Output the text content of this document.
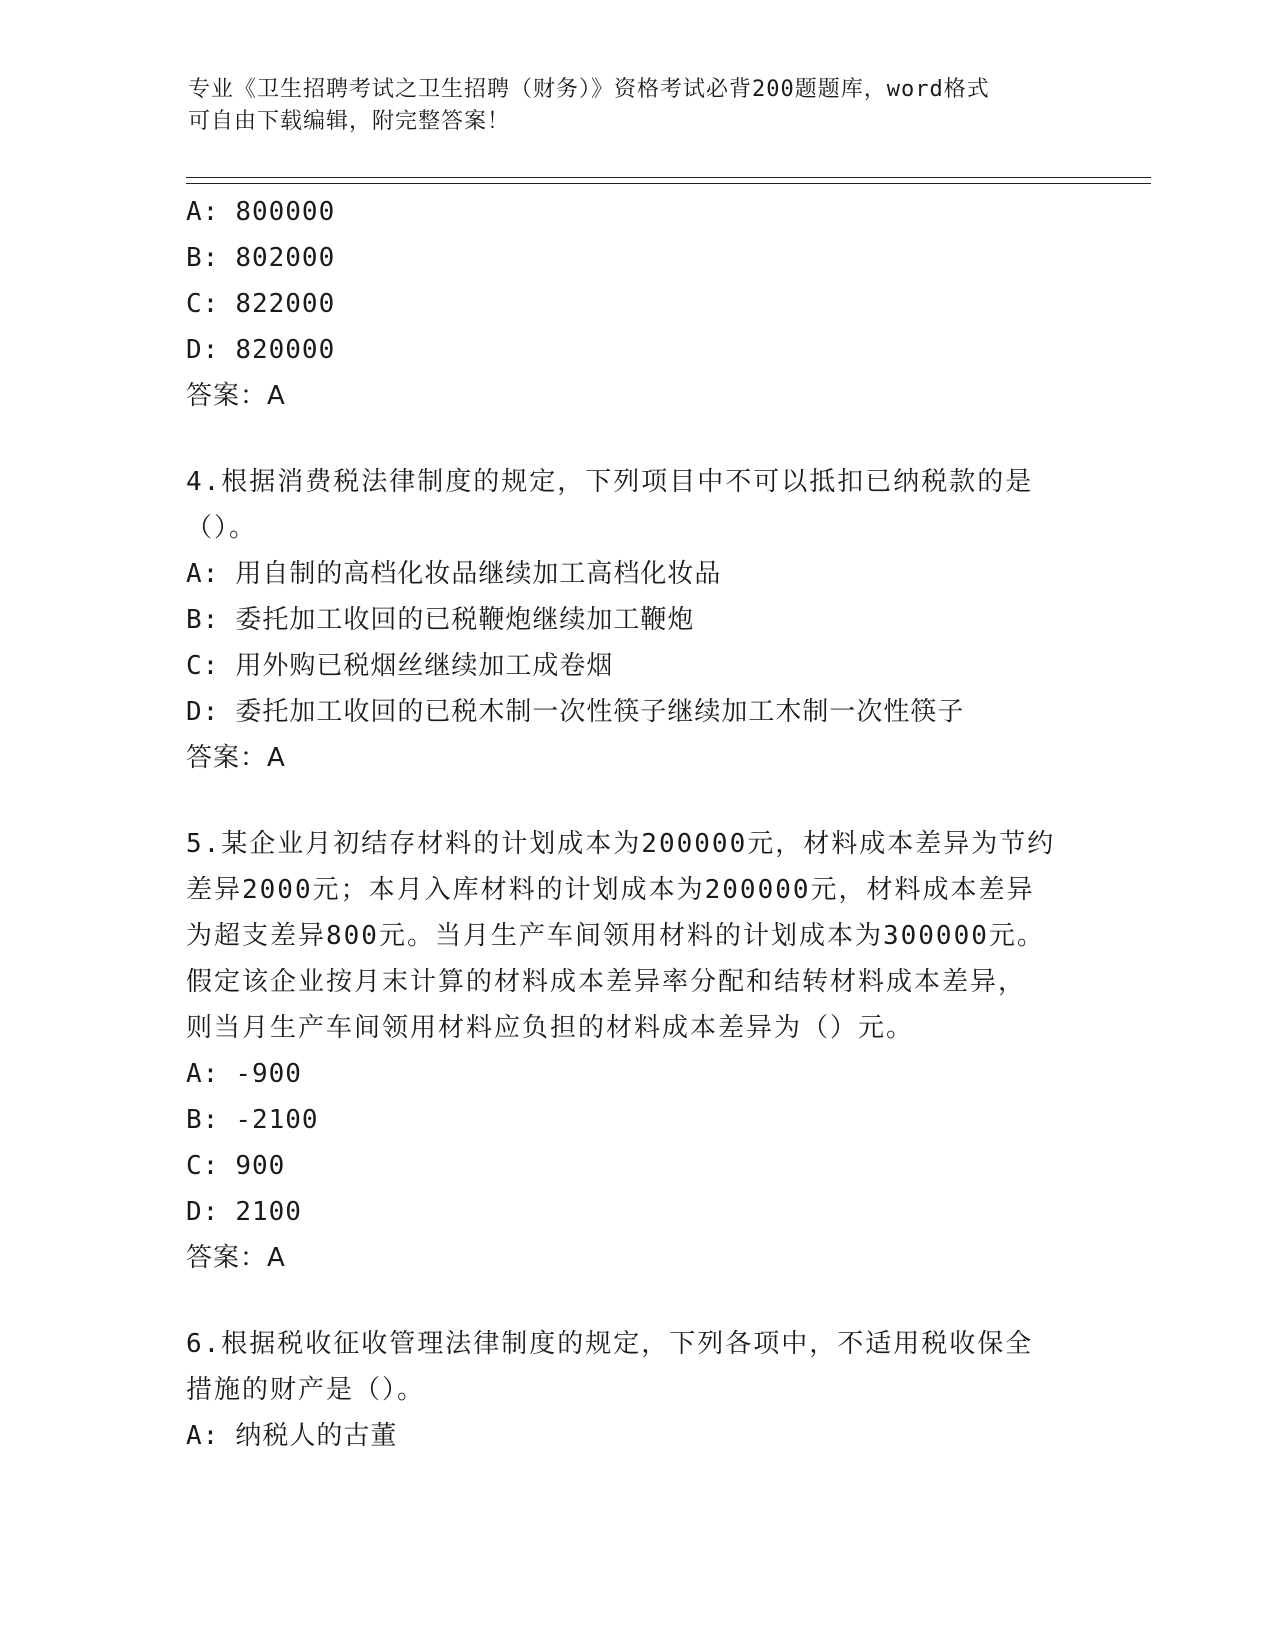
专业《卫生招聘考试之卫生招聘（财务）》资格考试必背200题题库，word格式
可自由下载编辑，附完整答案！
A: 800000
B: 802000
C: 822000
D: 820000
答案：A
4.根据消费税法律制度的规定，下列项目中不可以抵扣已纳税款的是
（）。
A: 用自制的高档化妆品继续加工高档化妆品
B: 委托加工收回的已税鞭炮继续加工鞭炮
C: 用外购已税烟丝继续加工成卷烟
D: 委托加工收回的已税木制一次性筷子继续加工木制一次性筷子
答案：A
5.某企业月初结存材料的计划成本为200000元，材料成本差异为节约
差异2000元；本月入库材料的计划成本为200000元，材料成本差异
为超支差异800元。当月生产车间领用材料的计划成本为300000元。
假定该企业按月末计算的材料成本差异率分配和结转材料成本差异，
则当月生产车间领用材料应负担的材料成本差异为（）元。
A: -900
B: -2100
C: 900
D: 2100
答案：A
6.根据税收征收管理法律制度的规定，下列各项中，不适用税收保全
措施的财产是（）。
A: 纳税人的古董
